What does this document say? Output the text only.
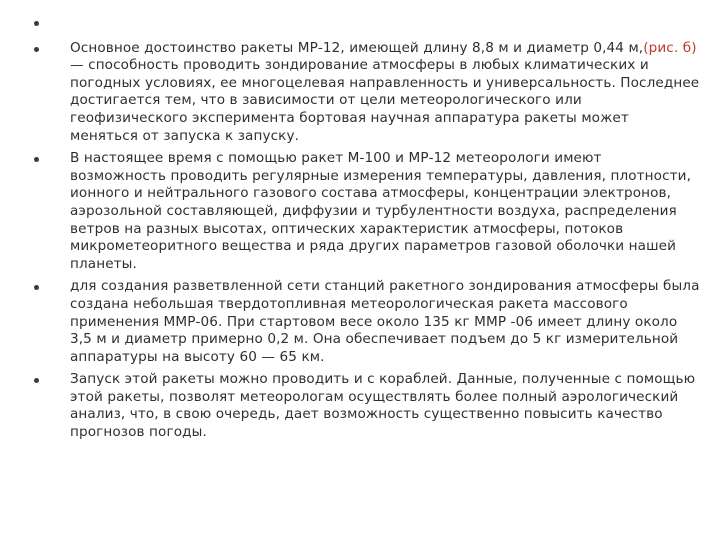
Основное достоинство ракеты МР-12, имеющей длину 8,8 м и диаметр 0,44 м,(рис. б) — способность проводить зондирование атмосферы в любых климатических и погодных условиях, ее многоцелевая направленность и универсальность. Последнее достигается тем, что в зависимости от цели метеорологического или геофизического эксперимента бортовая научная аппаратура ракеты может меняться от запуска к запуску.
В настоящее время с помощью ракет М-100 и МР-12 метеорологи имеют возможность проводить регулярные измерения температуры, давления, плотности, ионного и нейтрального газового состава атмосферы, концентрации электронов, аэрозольной составляющей, диффузии и турбулентности воздуха, распределения ветров на разных высотах, оптических характеристик атмосферы, потоков микрометеоритного вещества и ряда других параметров газовой оболочки нашей планеты.
для создания разветвленной сети станций ракетного зондирования атмосферы была создана небольшая твердотопливная метеорологическая ракета массового применения ММР-06. При стартовом весе около 135 кг ММР -06 имеет длину около 3,5 м и диаметр примерно 0,2 м. Она обеспечивает подъем до 5 кг измерительной аппаратуры на высоту 60 — 65 км.
Запуск этой ракеты можно проводить и с кораблей. Данные, полученные с помощью этой ракеты, позволят метеорологам осуществлять более полный аэрологический анализ, что, в свою очередь, дает возможность существенно повысить качество прогнозов погоды.
